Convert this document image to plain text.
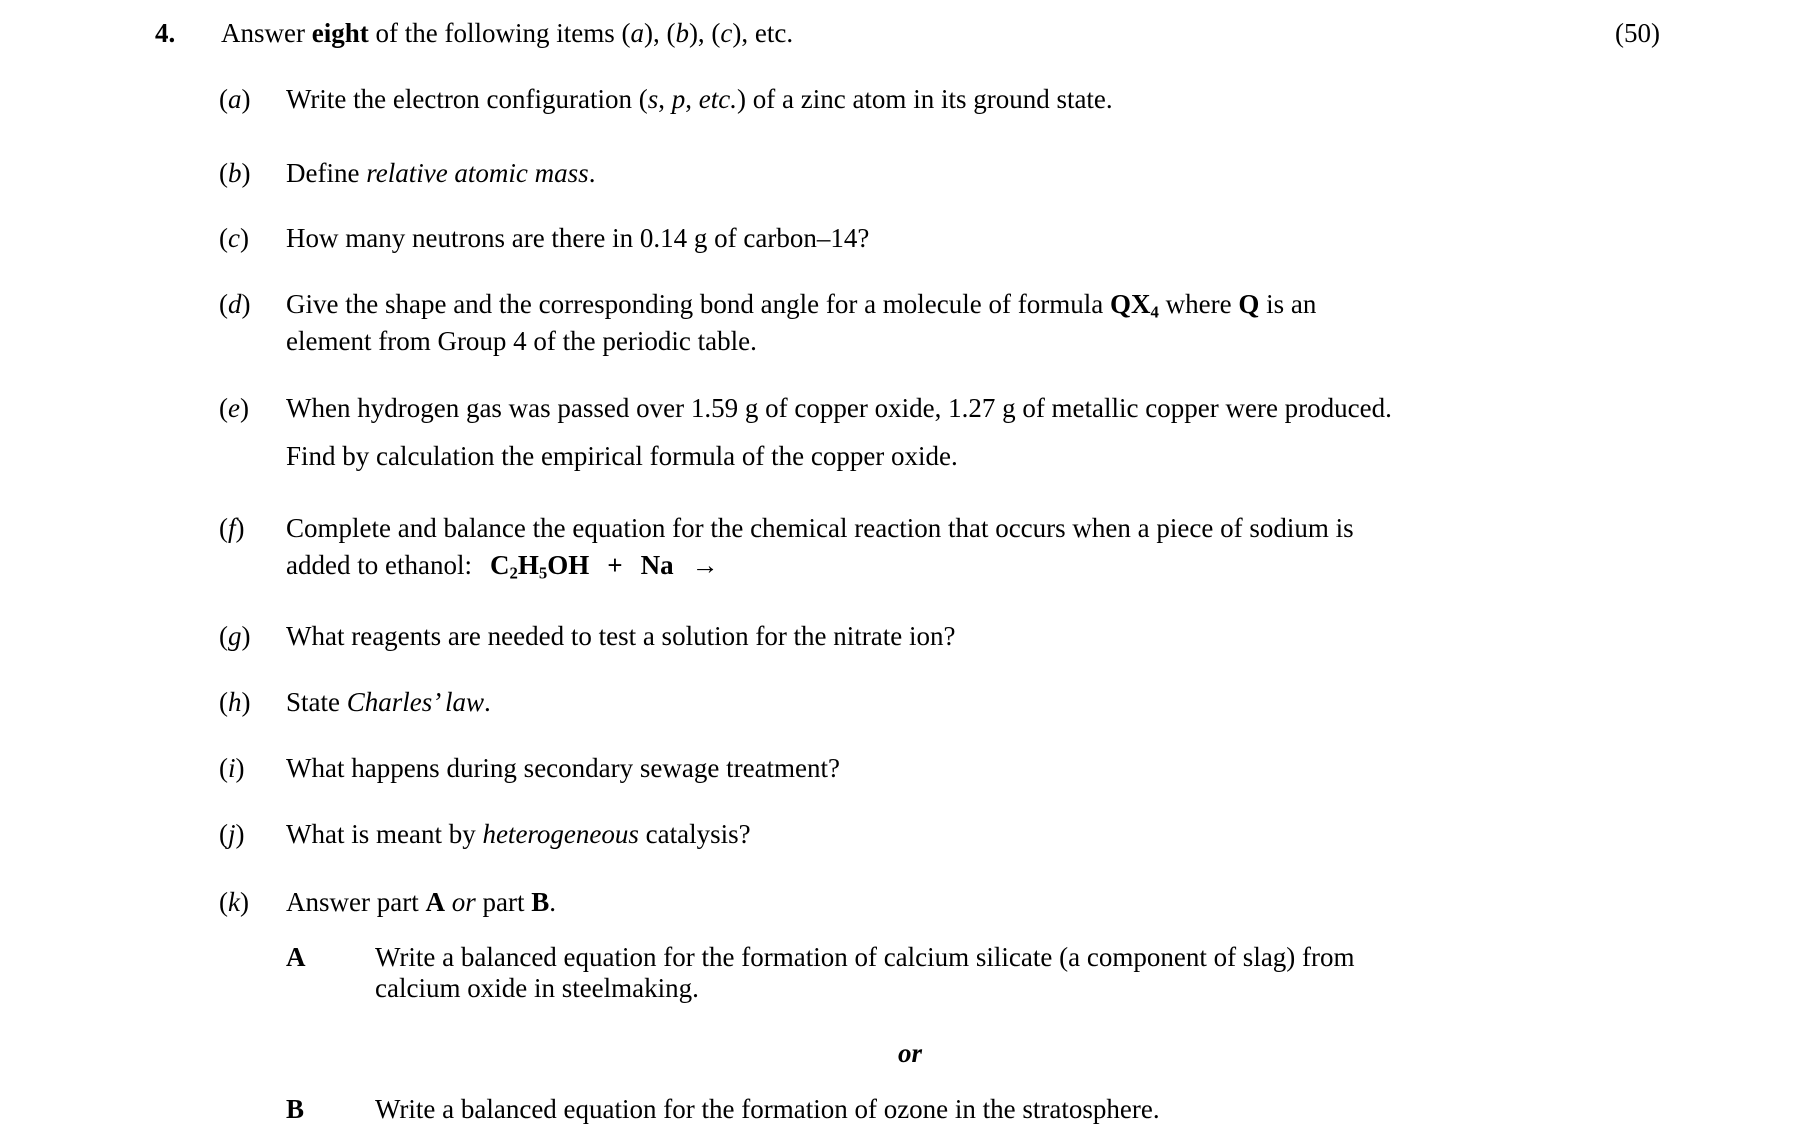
4. Answer eight of the following items (a), (b), (c), etc.	(50)
(a) Write the electron configuration (s, p, etc.) of a zinc atom in its ground state.
(b) Define relative atomic mass.
(c) How many neutrons are there in 0.14 g of carbon–14?
(d) Give the shape and the corresponding bond angle for a molecule of formula $QX_4$ where Q is an
element from Group 4 of the periodic table.
(e) When hydrogen gas was passed over 1.59 g of copper oxide, 1.27 g of metallic copper were produced.
Find by calculation the empirical formula of the copper oxide.
(f) Complete and balance the equation for the chemical reaction that occurs when a piece of sodium is
added to ethanol: $C_2H_5OH + Na$ →
(g) What reagents are needed to test a solution for the nitrate ion?
(h) State Charles’ law.
(i) What happens during secondary sewage treatment?
(j) What is meant by heterogeneous catalysis?
(k) Answer part A or part B.
A	Write a balanced equation for the formation of calcium silicate (a component of slag) from
calcium oxide in steelmaking.
or
B	Write a balanced equation for the formation of ozone in the stratosphere.
